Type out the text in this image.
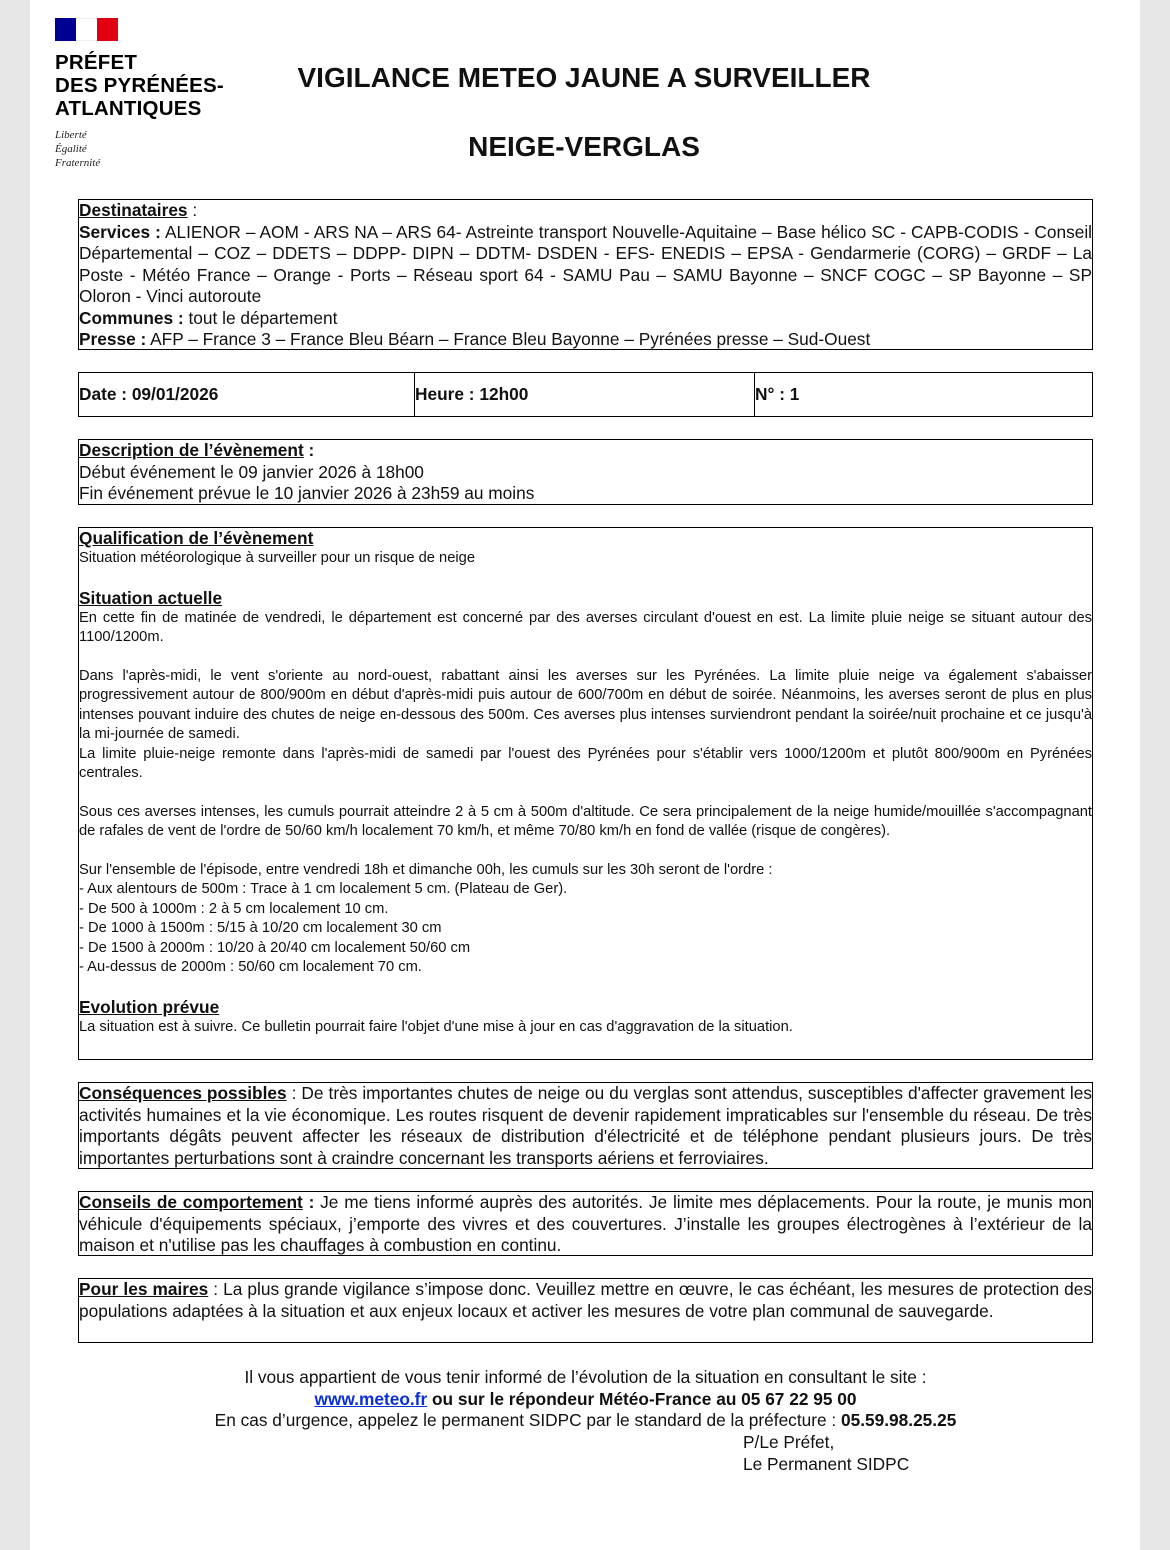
PRÉFET
DES PYRÉNÉES-
ATLANTIQUES
Liberté
Égalité
Fraternité
VIGILANCE METEO JAUNE A SURVEILLER
NEIGE-VERGLAS
Destinataires :
Services : ALIENOR – AOM - ARS NA – ARS 64- Astreinte transport Nouvelle-Aquitaine – Base hélico SC - CAPB-CODIS - Conseil Départemental – COZ – DDETS – DDPP- DIPN – DDTM- DSDEN - EFS- ENEDIS – EPSA - Gendarmerie (CORG) – GRDF – La Poste - Météo France – Orange - Ports – Réseau sport 64 - SAMU Pau – SAMU Bayonne – SNCF COGC – SP Bayonne – SP Oloron - Vinci autoroute
Communes : tout le département
Presse : AFP – France 3 – France Bleu Béarn – France Bleu Bayonne – Pyrénées presse – Sud-Ouest
Date : 09/01/2026	Heure : 12h00	N° : 1
Description de l’évènement :
Début événement le 09 janvier 2026 à 18h00
Fin événement prévue le 10 janvier 2026 à 23h59 au moins
Qualification de l’évènement
Situation météorologique à surveiller pour un risque de neige
Situation actuelle
En cette fin de matinée de vendredi, le département est concerné par des averses circulant d'ouest en est. La limite pluie neige se situant autour des 1100/1200m.
Dans l'après-midi, le vent s'oriente au nord-ouest, rabattant ainsi les averses sur les Pyrénées. La limite pluie neige va également s'abaisser progressivement autour de 800/900m en début d'après-midi puis autour de 600/700m en début de soirée. Néanmoins, les averses seront de plus en plus intenses pouvant induire des chutes de neige en-dessous des 500m. Ces averses plus intenses surviendront pendant la soirée/nuit prochaine et ce jusqu'à la mi-journée de samedi.
La limite pluie-neige remonte dans l'après-midi de samedi par l'ouest des Pyrénées pour s'établir vers 1000/1200m et plutôt 800/900m en Pyrénées centrales.
Sous ces averses intenses, les cumuls pourrait atteindre 2 à 5 cm à 500m d'altitude. Ce sera principalement de la neige humide/mouillée s'accompagnant de rafales de vent de l'ordre de 50/60 km/h localement 70 km/h, et même 70/80 km/h en fond de vallée (risque de congères).
Sur l'ensemble de l'épisode, entre vendredi 18h et dimanche 00h, les cumuls sur les 30h seront de l'ordre :
- Aux alentours de 500m : Trace à 1 cm localement 5 cm. (Plateau de Ger).
- De 500 à 1000m : 2 à 5 cm localement 10 cm.
- De 1000 à 1500m : 5/15 à 10/20 cm localement 30 cm
- De 1500 à 2000m : 10/20 à 20/40 cm localement 50/60 cm
- Au-dessus de 2000m : 50/60 cm localement 70 cm.
Evolution prévue
La situation est à suivre. Ce bulletin pourrait faire l'objet d'une mise à jour en cas d'aggravation de la situation.
Conséquences possibles : De très importantes chutes de neige ou du verglas sont attendus, susceptibles d'affecter gravement les activités humaines et la vie économique. Les routes risquent de devenir rapidement impraticables sur l'ensemble du réseau. De très importants dégâts peuvent affecter les réseaux de distribution d'électricité et de téléphone pendant plusieurs jours. De très importantes perturbations sont à craindre concernant les transports aériens et ferroviaires.
Conseils de comportement : Je me tiens informé auprès des autorités. Je limite mes déplacements. Pour la route, je munis mon véhicule d'équipements spéciaux, j’emporte des vivres et des couvertures. J’installe les groupes électrogènes à l’extérieur de la maison et n'utilise pas les chauffages à combustion en continu.
Pour les maires : La plus grande vigilance s’impose donc. Veuillez mettre en œuvre, le cas échéant, les mesures de protection des populations adaptées à la situation et aux enjeux locaux et activer les mesures de votre plan communal de sauvegarde.
Il vous appartient de vous tenir informé de l’évolution de la situation en consultant le site :
www.meteo.fr ou sur le répondeur Météo-France au 05 67 22 95 00
En cas d’urgence, appelez le permanent SIDPC par le standard de la préfecture : 05.59.98.25.25
P/Le Préfet,
Le Permanent SIDPC
